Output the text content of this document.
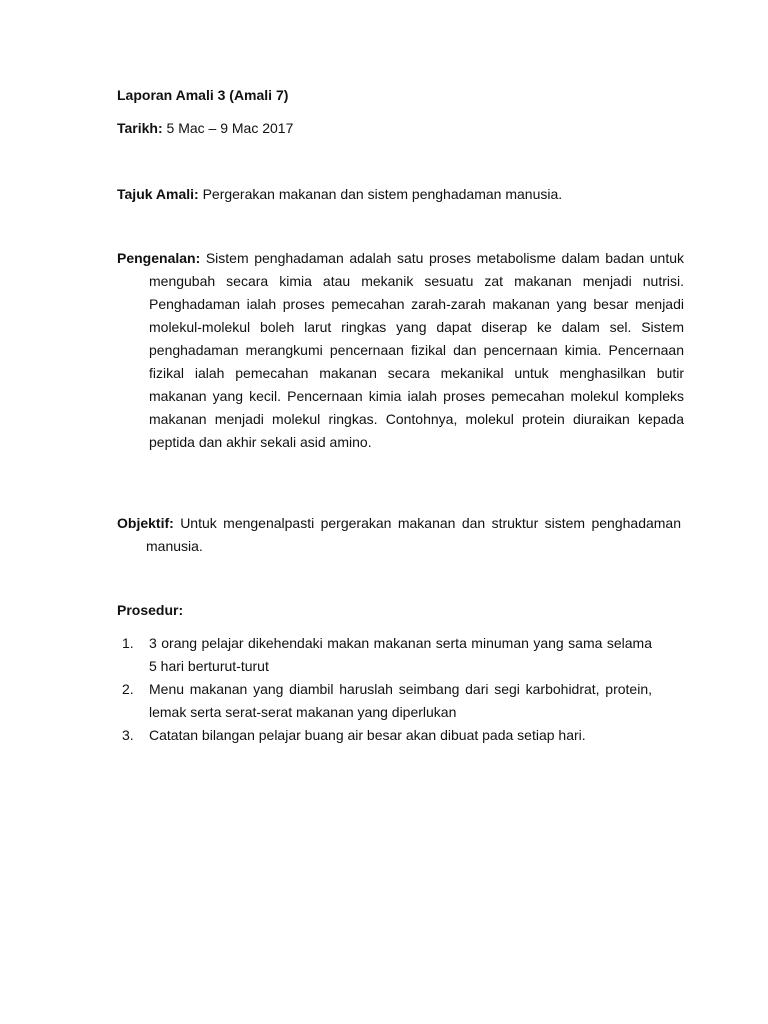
Laporan Amali 3 (Amali 7)
Tarikh: 5 Mac – 9 Mac 2017
Tajuk Amali: Pergerakan makanan dan sistem penghadaman manusia.
Pengenalan: Sistem penghadaman adalah satu proses metabolisme dalam badan untuk mengubah secara kimia atau mekanik sesuatu zat makanan menjadi nutrisi. Penghadaman ialah proses pemecahan zarah-zarah makanan yang besar menjadi molekul-molekul boleh larut ringkas yang dapat diserap ke dalam sel. Sistem penghadaman merangkumi pencernaan fizikal dan pencernaan kimia. Pencernaan fizikal ialah pemecahan makanan secara mekanikal untuk menghasilkan butir makanan yang kecil. Pencernaan kimia ialah proses pemecahan molekul kompleks makanan menjadi molekul ringkas. Contohnya, molekul protein diuraikan kepada peptida dan akhir sekali asid amino.
Objektif: Untuk mengenalpasti pergerakan makanan dan struktur sistem penghadaman manusia.
Prosedur:
1. 3 orang pelajar dikehendaki makan makanan serta minuman yang sama selama 5 hari berturut-turut
2. Menu makanan yang diambil haruslah seimbang dari segi karbohidrat, protein, lemak serta serat-serat makanan yang diperlukan
3. Catatan bilangan pelajar buang air besar akan dibuat pada setiap hari.
